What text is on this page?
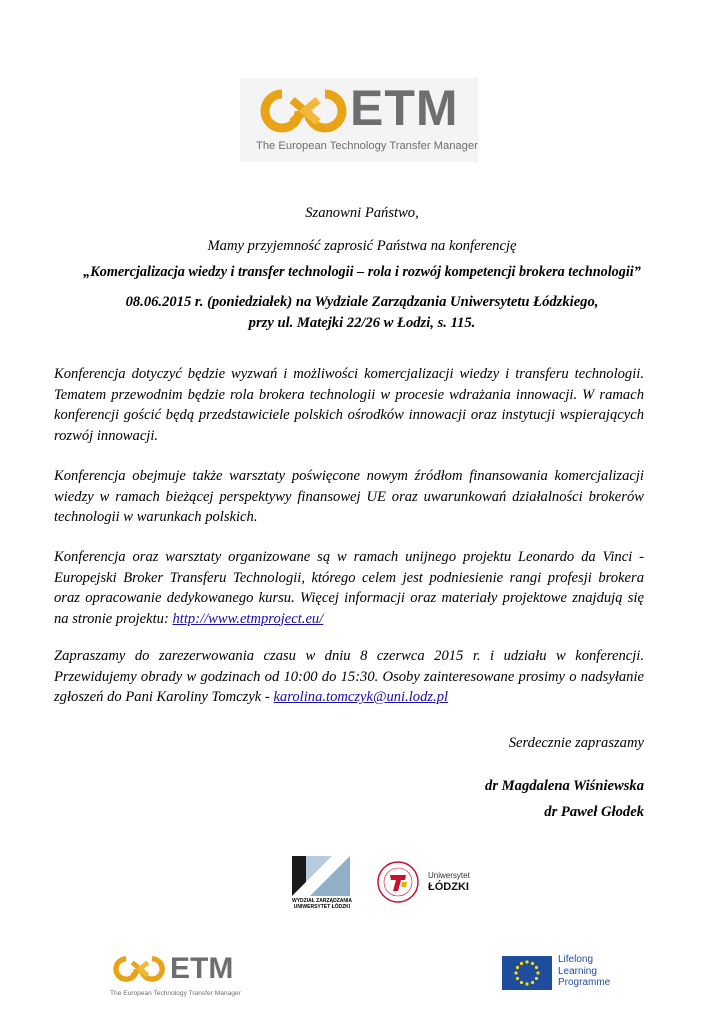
ETM
The European Technology Transfer Manager
Szanowni Państwo,
Mamy przyjemność zaprosić Państwa na konferencję
„Komercjalizacja wiedzy i transfer technologii – rola i rozwój kompetencji brokera technologii”
08.06.2015 r. (poniedziałek) na Wydziale Zarządzania Uniwersytetu Łódzkiego,
przy ul. Matejki 22/26 w Łodzi, s. 115.
Konferencja dotyczyć będzie wyzwań i możliwości komercjalizacji wiedzy i transferu technologii. Tematem przewodnim będzie rola brokera technologii w procesie wdrażania innowacji. W ramach konferencji gościć będą przedstawiciele polskich ośrodków innowacji oraz instytucji wspierających rozwój innowacji.
Konferencja obejmuje także warsztaty poświęcone nowym źródłom finansowania komercjalizacji wiedzy w ramach bieżącej perspektywy finansowej UE oraz uwarunkowań działalności brokerów technologii w warunkach polskich.
Konferencja oraz warsztaty organizowane są w ramach unijnego projektu Leonardo da Vinci - Europejski Broker Transferu Technologii, którego celem jest podniesienie rangi profesji brokera oraz opracowanie dedykowanego kursu. Więcej informacji oraz materiały projektowe znajdują się na stronie projektu: http://www.etmproject.eu/
Zapraszamy do zarezerwowania czasu w dniu 8 czerwca 2015 r. i udziału w konferencji. Przewidujemy obrady w godzinach od 10:00 do 15:30. Osoby zainteresowane prosimy o nadsyłanie zgłoszeń do Pani Karoliny Tomczyk - karolina.tomczyk@uni.lodz.pl
Serdecznie zapraszamy
dr Magdalena Wiśniewska
dr Paweł Głodek
WYDZIAŁ ZARZĄDZANIA
UNIWERSYTET ŁÓDZKI
Uniwersytet
ŁÓDZKI
ETM
The European Technology Transfer Manager
Lifelong
Learning
Programme
